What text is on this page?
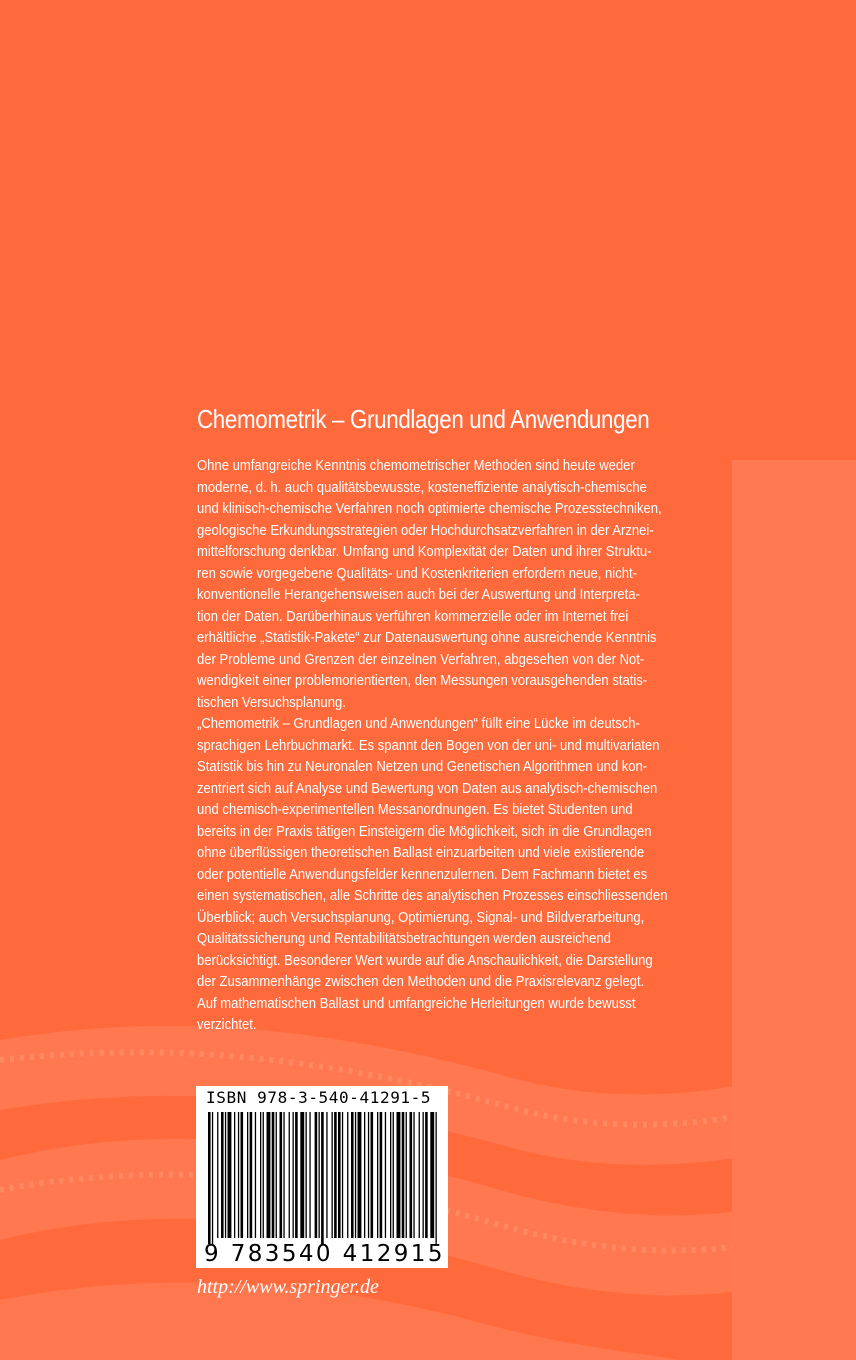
Chemometrik – Grundlagen und Anwendungen

Ohne umfangreiche Kenntnis chemometrischer Methoden sind heute weder
moderne, d. h. auch qualitätsbewusste, kosteneffiziente analytisch-chemische
und klinisch-chemische Verfahren noch optimierte chemische Prozesstechniken,
geologische Erkundungsstrategien oder Hochdurchsatzverfahren in der Arznei-
mittelforschung denkbar. Umfang und Komplexität der Daten und ihrer Struktu-
ren sowie vorgegebene Qualitäts- und Kostenkriterien erfordern neue, nicht-
konventionelle Herangehensweisen auch bei der Auswertung und Interpreta-
tion der Daten. Darüberhinaus verführen kommerzielle oder im Internet frei
erhältliche „Statistik-Pakete“ zur Datenauswertung ohne ausreichende Kenntnis
der Probleme und Grenzen der einzelnen Verfahren, abgesehen von der Not-
wendigkeit einer problemorientierten, den Messungen vorausgehenden statis-
tischen Versuchsplanung.

„Chemometrik – Grundlagen und Anwendungen“ füllt eine Lücke im deutsch-
sprachigen Lehrbuchmarkt. Es spannt den Bogen von der uni- und multivariaten
Statistik bis hin zu Neuronalen Netzen und Genetischen Algorithmen und kon-
zentriert sich auf Analyse und Bewertung von Daten aus analytisch-chemischen
und chemisch-experimentellen Messanordnungen. Es bietet Studenten und
bereits in der Praxis tätigen Einsteigern die Möglichkeit, sich in die Grundlagen
ohne überflüssigen theoretischen Ballast einzuarbeiten und viele existierende
oder potentielle Anwendungsfelder kennenzulernen. Dem Fachmann bietet es
einen systematischen, alle Schritte des analytischen Prozesses einschliessenden
Überblick; auch Versuchsplanung, Optimierung, Signal- und Bildverarbeitung,
Qualitätssicherung und Rentabilitätsbetrachtungen werden ausreichend
berücksichtigt. Besonderer Wert wurde auf die Anschaulichkeit, die Darstellung
der Zusammenhänge zwischen den Methoden und die Praxisrelevanz gelegt.
Auf mathematischen Ballast und umfangreiche Herleitungen wurde bewusst
verzichtet.

ISBN 978-3-540-41291-5
9 783540 412915
http://www.springer.de
